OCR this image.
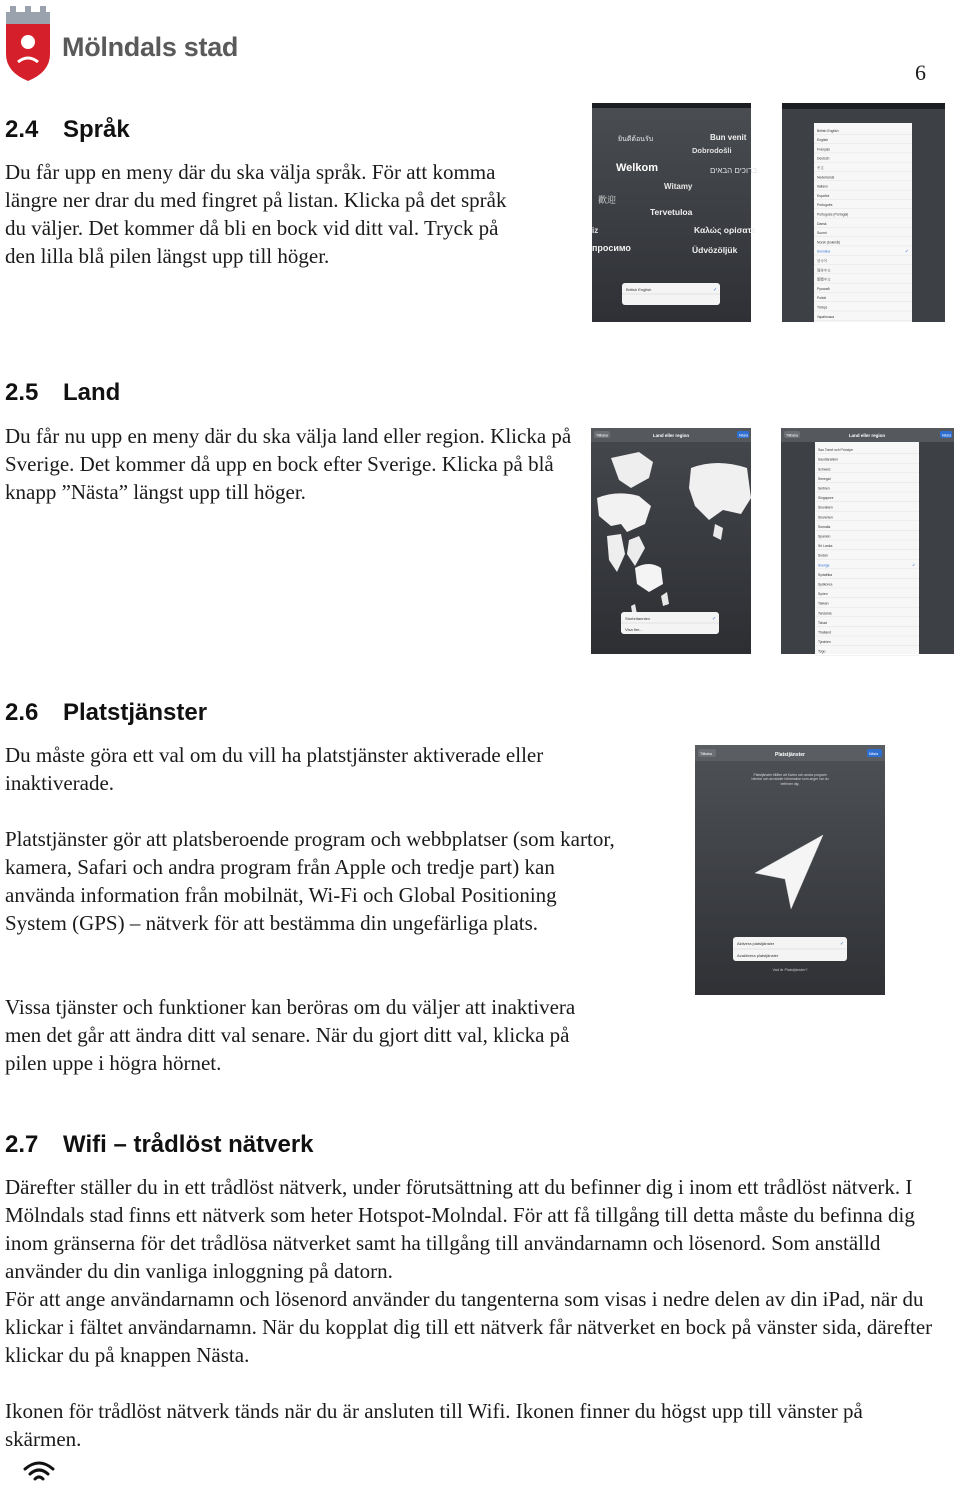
Mölndals stad
6
2.4 Språk

Du får upp en meny där du ska välja språk. För att komma längre ner drar du med fingret på listan. Klicka på det språk du väljer. Det kommer då bli en bock vid ditt val. Tryck på den lilla blå pilen längst upp till höger.

ยินดีต้อนรับ	Bun venit
Dobrodošli
Welkom	ברוכים הבאים
Witamy
Tervetuloa
歡迎
Καλώς ορίσατε
iz
просимо	Üdvözöljük
British English	✓
British English
English
Français
Deutsch
中文
Nederlands
Italiano
Español
Português
Português (Portugal)
Dansk
Suomi
Norsk (bokmål)
Svenska	✓
한국어
简体中文
繁體中文
Русский
Polski
Türkçe
Українська
2.5 Land

Du får nu upp en meny där du ska välja land eller region. Klicka på Sverige. Det kommer då upp en bock efter Sverige. Klicka på blå knapp ”Nästa” längst upp till höger.

Tillbaka	Land eller region	Nästa
Storbritannien	✓
Visa fler...
Tillbaka	Land eller region	Nästa
Sao Tomé och Príncipe
Saudiarabien
Schweiz
Senegal
Serbien
Singapore
Slovakien
Slovenien
Somalia
Spanien
Sri Lanka
Sudan
Sverige	✓
Sydafrika
Sydkorea
Syrien
Taiwan
Tanzania
Tchad
Thailand
Tjeckien
Togo
2.6 Platstjänster

Du måste göra ett val om du vill ha platstjänster aktiverade eller inaktiverade.

Platstjänster gör att platsberoende program och webbplatser (som kartor, kamera, Safari och andra program från Apple och tredje part) kan använda information från mobilnät, Wi-Fi och Global Positioning System (GPS) – nätverk för att bestämma din ungefärliga plats.

Vissa tjänster och funktioner kan beröras om du väljer att inaktivera men det går att ändra ditt val senare. När du gjort ditt val, klicka på pilen uppe i högra hörnet.

Tillbaka	Platstjänster	Nästa
Platstjänster tillåter att Kartor och andra program hämtar och använder information som anger var du befinner dig.
Aktivera platstjänster	✓
Avaktivera platstjänster
Vad är Platstjänster?
2.7 Wifi – trådlöst nätverk

Därefter ställer du in ett trådlöst nätverk, under förutsättning att du befinner dig i inom ett trådlöst nätverk. I Mölndals stad finns ett nätverk som heter Hotspot-Molndal. För att få tillgång till detta måste du befinna dig inom gränserna för det trådlösa nätverket samt ha tillgång till användarnamn och lösenord. Som anställd använder du din vanliga inloggning på datorn.

För att ange användarnamn och lösenord använder du tangenterna som visas i nedre delen av din iPad, när du klickar i fältet användarnamn. När du kopplat dig till ett nätverk får nätverket en bock på vänster sida, därefter klickar du på knappen Nästa.

Ikonen för trådlöst nätverk tänds när du är ansluten till Wifi. Ikonen finner du högst upp till vänster på skärmen.
